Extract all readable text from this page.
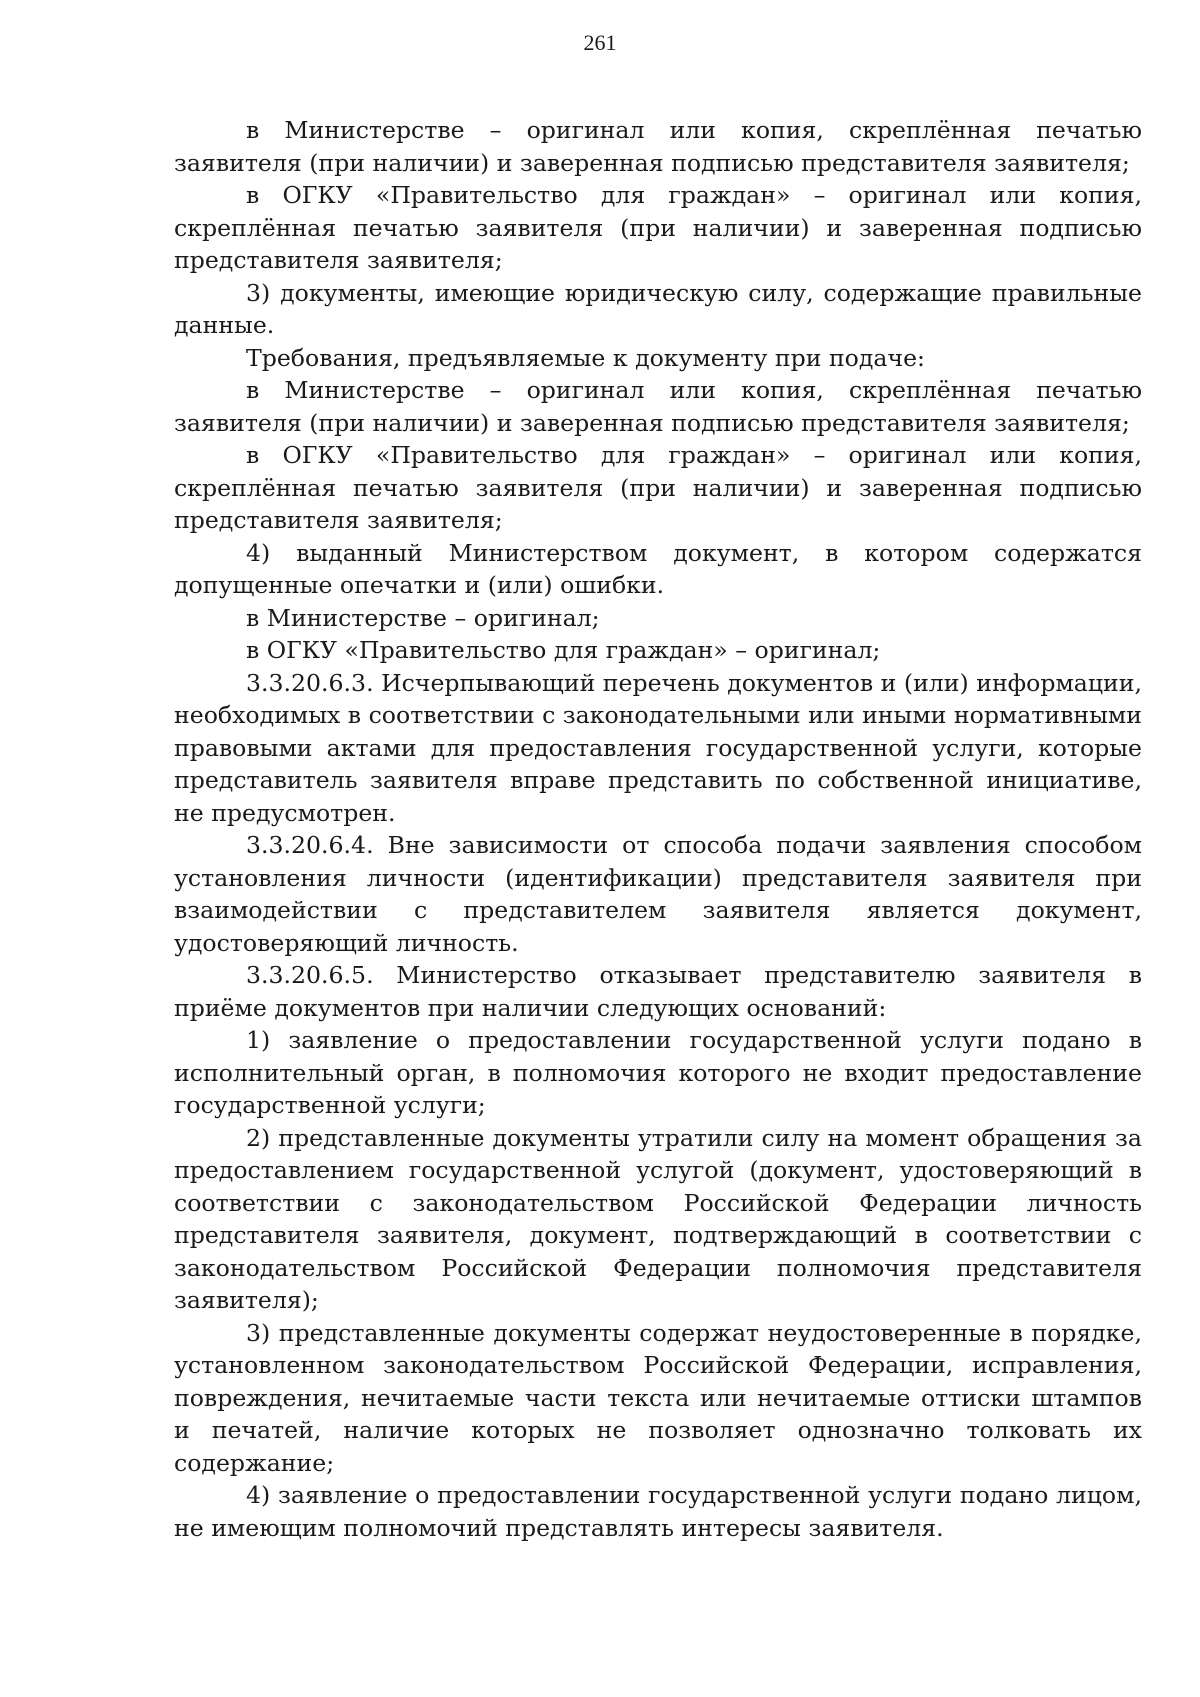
261

в Министерстве – оригинал или копия, скреплённая печатью заявителя (при наличии) и заверенная подписью представителя заявителя;

в ОГКУ «Правительство для граждан» – оригинал или копия, скреплённая печатью заявителя (при наличии) и заверенная подписью представителя заявителя;

3) документы, имеющие юридическую силу, содержащие правильные данные.

Требования, предъявляемые к документу при подаче:

в Министерстве – оригинал или копия, скреплённая печатью заявителя (при наличии) и заверенная подписью представителя заявителя;

в ОГКУ «Правительство для граждан» – оригинал или копия, скреплённая печатью заявителя (при наличии) и заверенная подписью представителя заявителя;

4) выданный Министерством документ, в котором содержатся допущенные опечатки и (или) ошибки.

в Министерстве – оригинал;

в ОГКУ «Правительство для граждан» – оригинал;

3.3.20.6.3. Исчерпывающий перечень документов и (или) информации, необходимых в соответствии с законодательными или иными нормативными правовыми актами для предоставления государственной услуги, которые представитель заявителя вправе представить по собственной инициативе, не предусмотрен.

3.3.20.6.4. Вне зависимости от способа подачи заявления способом установления личности (идентификации) представителя заявителя при взаимодействии с представителем заявителя является документ, удостоверяющий личность.

3.3.20.6.5. Министерство отказывает представителю заявителя в приёме документов при наличии следующих оснований:

1) заявление о предоставлении государственной услуги подано в исполнительный орган, в полномочия которого не входит предоставление государственной услуги;

2) представленные документы утратили силу на момент обращения за предоставлением государственной услугой (документ, удостоверяющий в соответствии с законодательством Российской Федерации личность представителя заявителя, документ, подтверждающий в соответствии с законодательством Российской Федерации полномочия представителя заявителя);

3) представленные документы содержат неудостоверенные в порядке, установленном законодательством Российской Федерации, исправления, повреждения, нечитаемые части текста или нечитаемые оттиски штампов и печатей, наличие которых не позволяет однозначно толковать их содержание;

4) заявление о предоставлении государственной услуги подано лицом, не имеющим полномочий представлять интересы заявителя.
